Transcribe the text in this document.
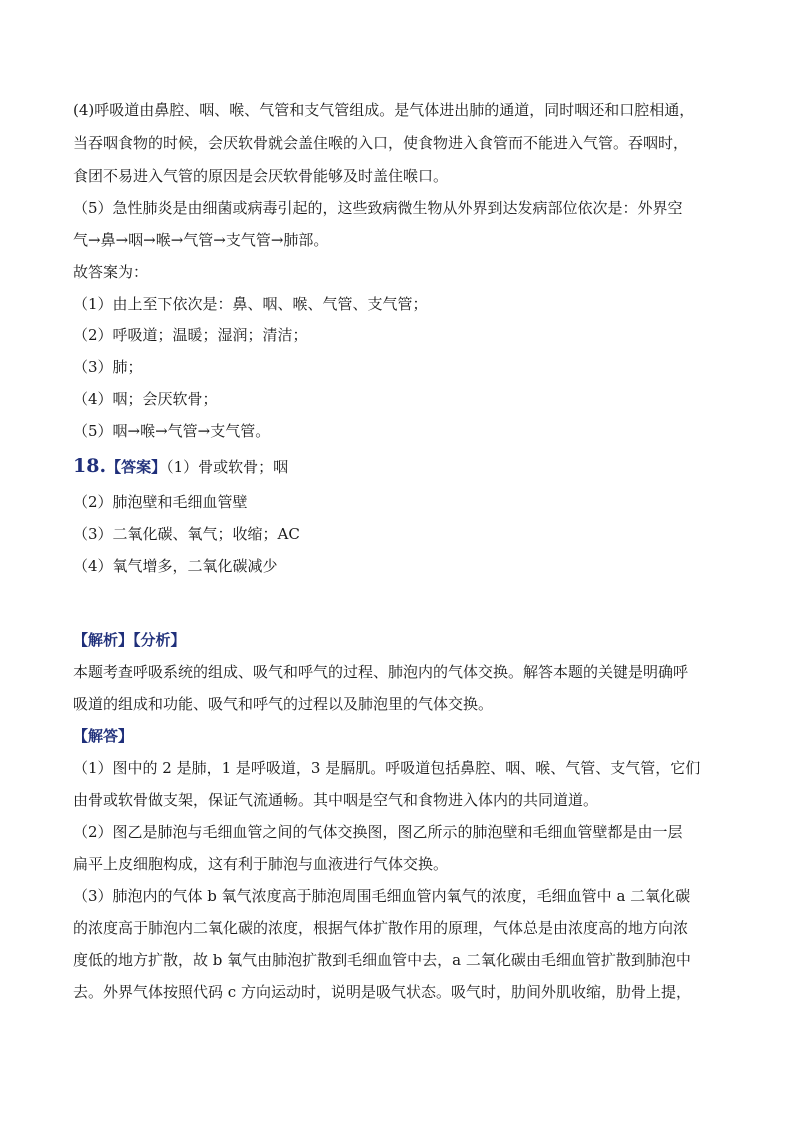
(4)呼吸道由鼻腔、咽、喉、气管和支气管组成。是气体进出肺的通道，同时咽还和口腔相通，
当吞咽食物的时候，会厌软骨就会盖住喉的入口，使食物进入食管而不能进入气管。吞咽时，
食团不易进入气管的原因是会厌软骨能够及时盖住喉口。
（5）急性肺炎是由细菌或病毒引起的，这些致病微生物从外界到达发病部位依次是：外界空
气→鼻→咽→喉→气管→支气管→肺部。
故答案为：
（1）由上至下依次是：鼻、咽、喉、气管、支气管；
（2）呼吸道；温暖；湿润；清洁；
（3）肺；
（4）咽；会厌软骨；
（5）咽→喉→气管→支气管。
18.【答案】（1）骨或软骨；咽
（2）肺泡壁和毛细血管壁
（3）二氧化碳、氧气；收缩；AC
（4）氧气增多，二氧化碳减少
【解析】【分析】
本题考查呼吸系统的组成、吸气和呼气的过程、肺泡内的气体交换。解答本题的关键是明确呼
吸道的组成和功能、吸气和呼气的过程以及肺泡里的气体交换。
【解答】
（1）图中的 2 是肺，1 是呼吸道，3 是膈肌。呼吸道包括鼻腔、咽、喉、气管、支气管，它们
由骨或软骨做支架，保证气流通畅。其中咽是空气和食物进入体内的共同道道。
（2）图乙是肺泡与毛细血管之间的气体交换图，图乙所示的肺泡壁和毛细血管壁都是由一层
扁平上皮细胞构成，这有利于肺泡与血液进行气体交换。
（3）肺泡内的气体 b 氧气浓度高于肺泡周围毛细血管内氧气的浓度，毛细血管中 a 二氧化碳
的浓度高于肺泡内二氧化碳的浓度，根据气体扩散作用的原理，气体总是由浓度高的地方向浓
度低的地方扩散，故 b 氧气由肺泡扩散到毛细血管中去，a 二氧化碳由毛细血管扩散到肺泡中
去。外界气体按照代码 c 方向运动时，说明是吸气状态。吸气时，肋间外肌收缩，肋骨上提，
